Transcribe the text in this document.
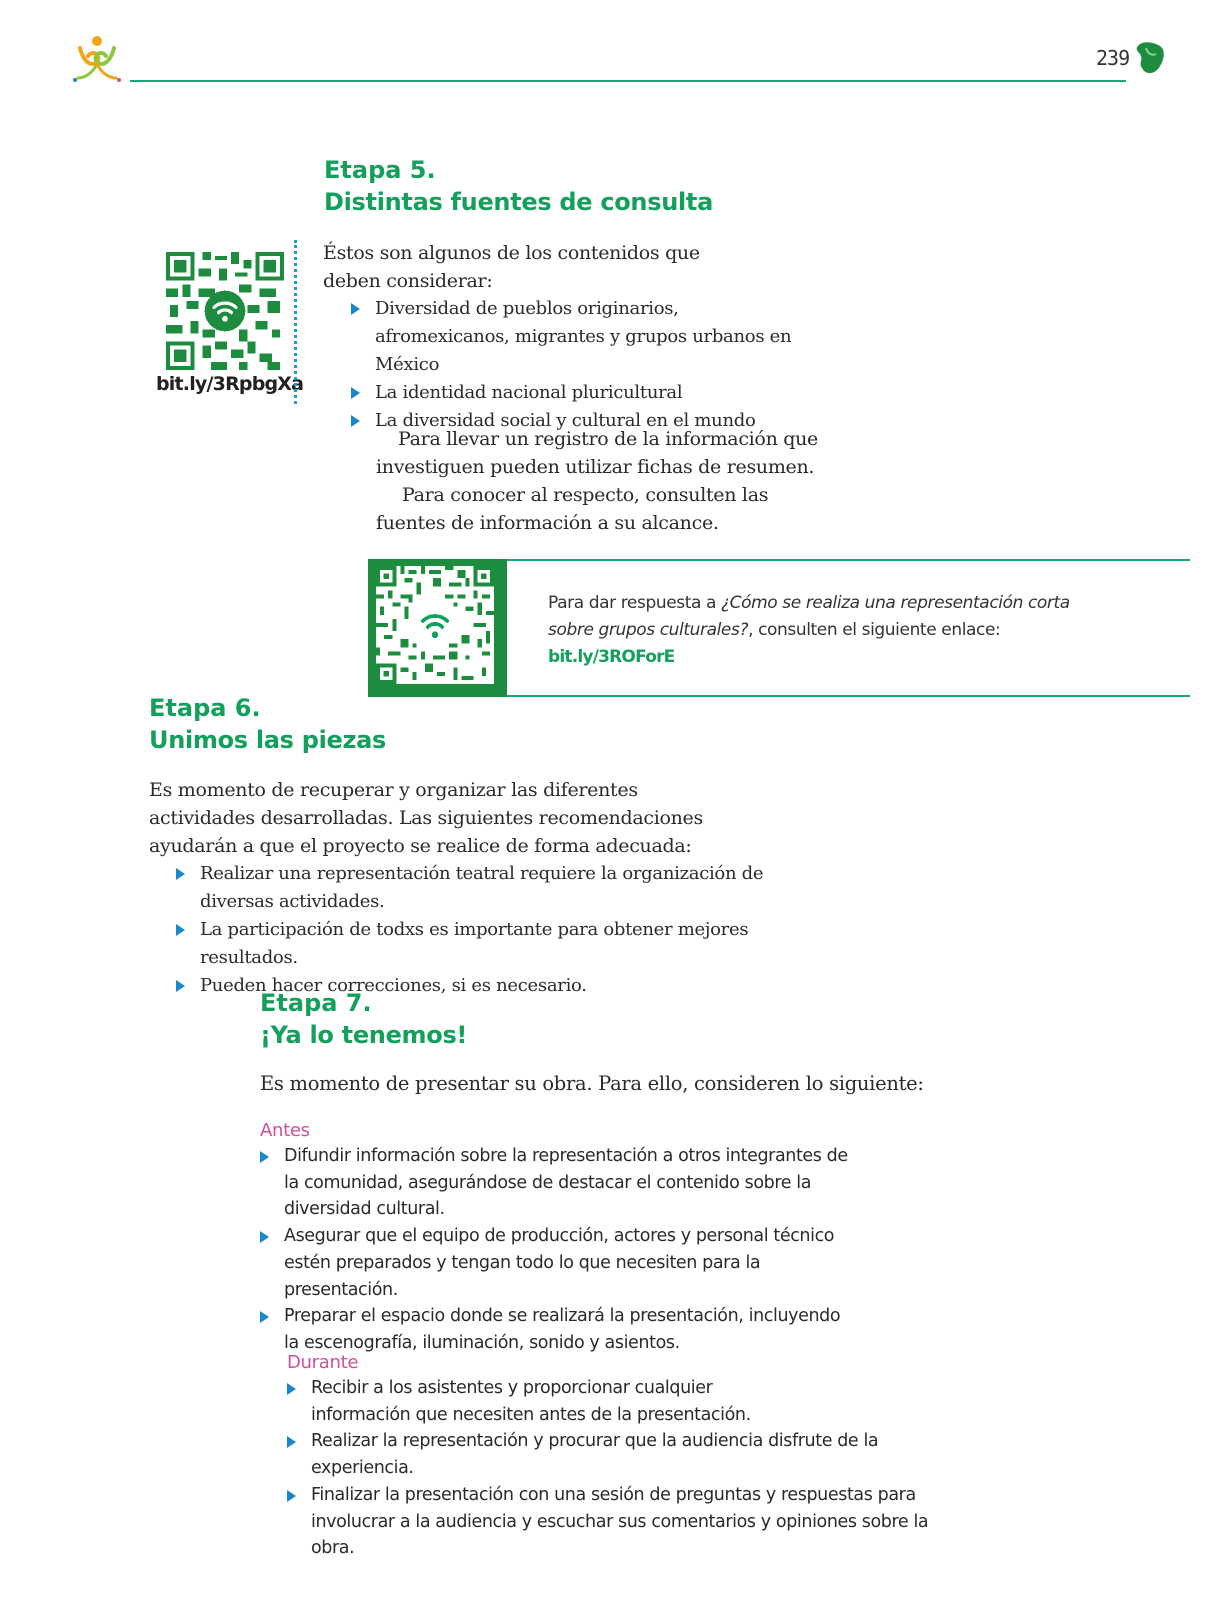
239
Etapa 5.
Distintas fuentes de consulta
bit.ly/3RpbgXa

Éstos son algunos de los contenidos que deben considerar:

Diversidad de pueblos originarios, afromexicanos, migrantes y grupos urbanos en México
La identidad nacional pluricultural
La diversidad social y cultural en el mundo

Para llevar un registro de la información que investiguen pueden utilizar fichas de resumen.

Para conocer al respecto, consulten las fuentes de información a su alcance.

Para dar respuesta a ¿Cómo se realiza una representación corta sobre grupos culturales?, consulten el siguiente enlace:
bit.ly/3ROForE
Etapa 6.
Unimos las piezas

Es momento de recuperar y organizar las diferentes actividades desarrolladas. Las siguientes recomendaciones ayudarán a que el proyecto se realice de forma adecuada:

Realizar una representación teatral requiere la organización de diversas actividades.
La participación de todxs es importante para obtener mejores resultados.
Pueden hacer correcciones, si es necesario.
Etapa 7.
¡Ya lo tenemos!

Es momento de presentar su obra. Para ello, consideren lo siguiente:

Antes

Difundir información sobre la representación a otros integrantes de la comunidad, asegurándose de destacar el contenido sobre la diversidad cultural.
Asegurar que el equipo de producción, actores y personal técnico estén preparados y tengan todo lo que necesiten para la presentación.
Preparar el espacio donde se realizará la presentación, incluyendo la escenografía, iluminación, sonido y asientos.

Durante

Recibir a los asistentes y proporcionar cualquier información que necesiten antes de la presentación.
Realizar la representación y procurar que la audiencia disfrute de la experiencia.
Finalizar la presentación con una sesión de preguntas y respuestas para involucrar a la audiencia y escuchar sus comentarios y opiniones sobre la obra.
